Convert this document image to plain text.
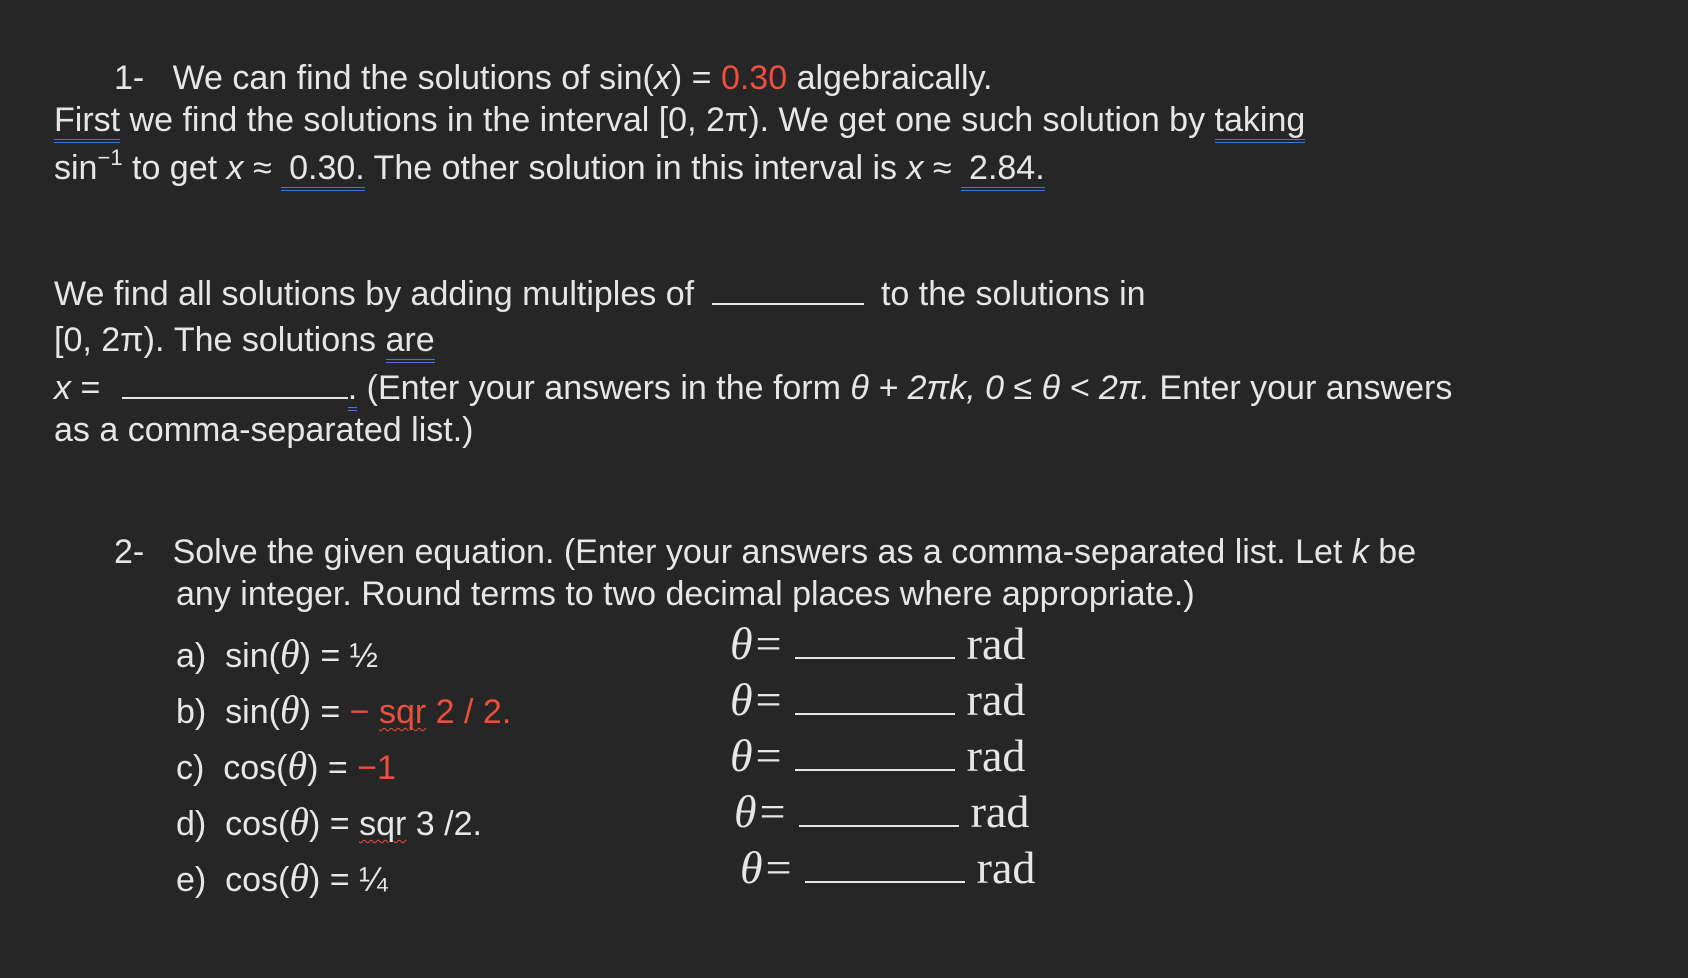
1- We can find the solutions of sin(x) = 0.30 algebraically.
First we find the solutions in the interval [0, 2π). We get one such solution by taking
$\sin^{-1}$ to get x ≈ 0.30. The other solution in this interval is x ≈ 2.84.
We find all solutions by adding multiples of	to the solutions in
[0, 2π). The solutions are
x =	. (Enter your answers in the form θ + 2πk, 0 ≤ θ < 2π. Enter your answers
as a comma-separated list.)
2- Solve the given equation. (Enter your answers as a comma-separated list. Let k be
any integer. Round terms to two decimal places where appropriate.)
a) sin(θ) = ½	θ=	rad
b) sin(θ) = − sqr 2 / 2.	θ=	rad
c) cos(θ) = −1	θ=	rad
d) cos(θ) = sqr 3 /2.	θ=	rad
e) cos(θ) = ¼	θ=	rad
